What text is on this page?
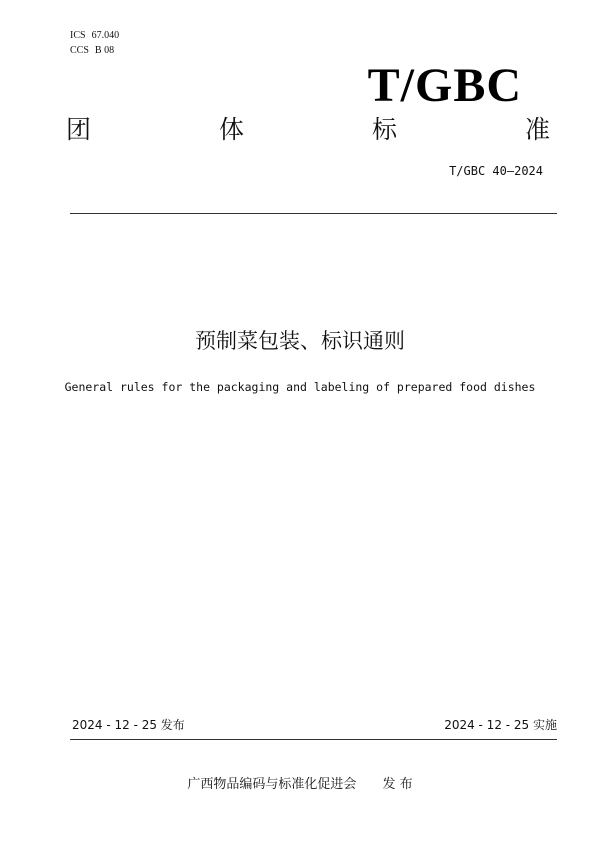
ICS 67.040
CCS B 08
T/GBC
团	体	标	准
T/GBC 40—2024
预制菜包装、标识通则
General rules for the packaging and labeling of prepared food dishes
2024 - 12 - 25 发布	2024 - 12 - 25 实施
广西物品编码与标准化促进会 发 布
